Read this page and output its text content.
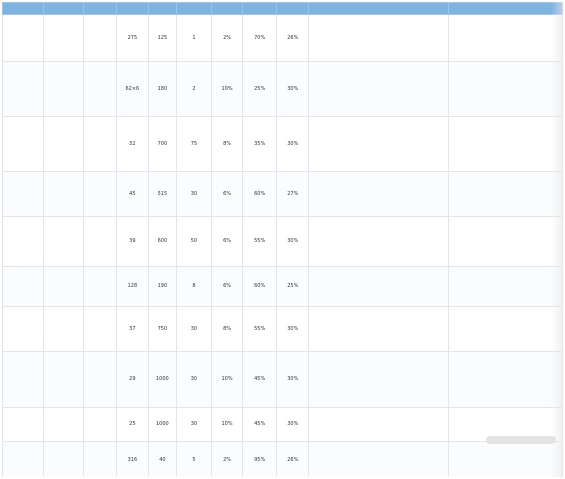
			275	125	1	2%	70%	26%	

			62×6	180	2	10%	25%	30%	

			32	700	75	8%	35%	30%	

			45	515	30	6%	60%	27%	

			39	600	50	6%	55%	30%	

			128	190	8	6%	60%	25%	

			37	750	30	8%	55%	30%	

			29	1000	30	10%	45%	30%	

			25	1000	30	10%	45%	30%	

			316	40	5	2%	95%	26%	
